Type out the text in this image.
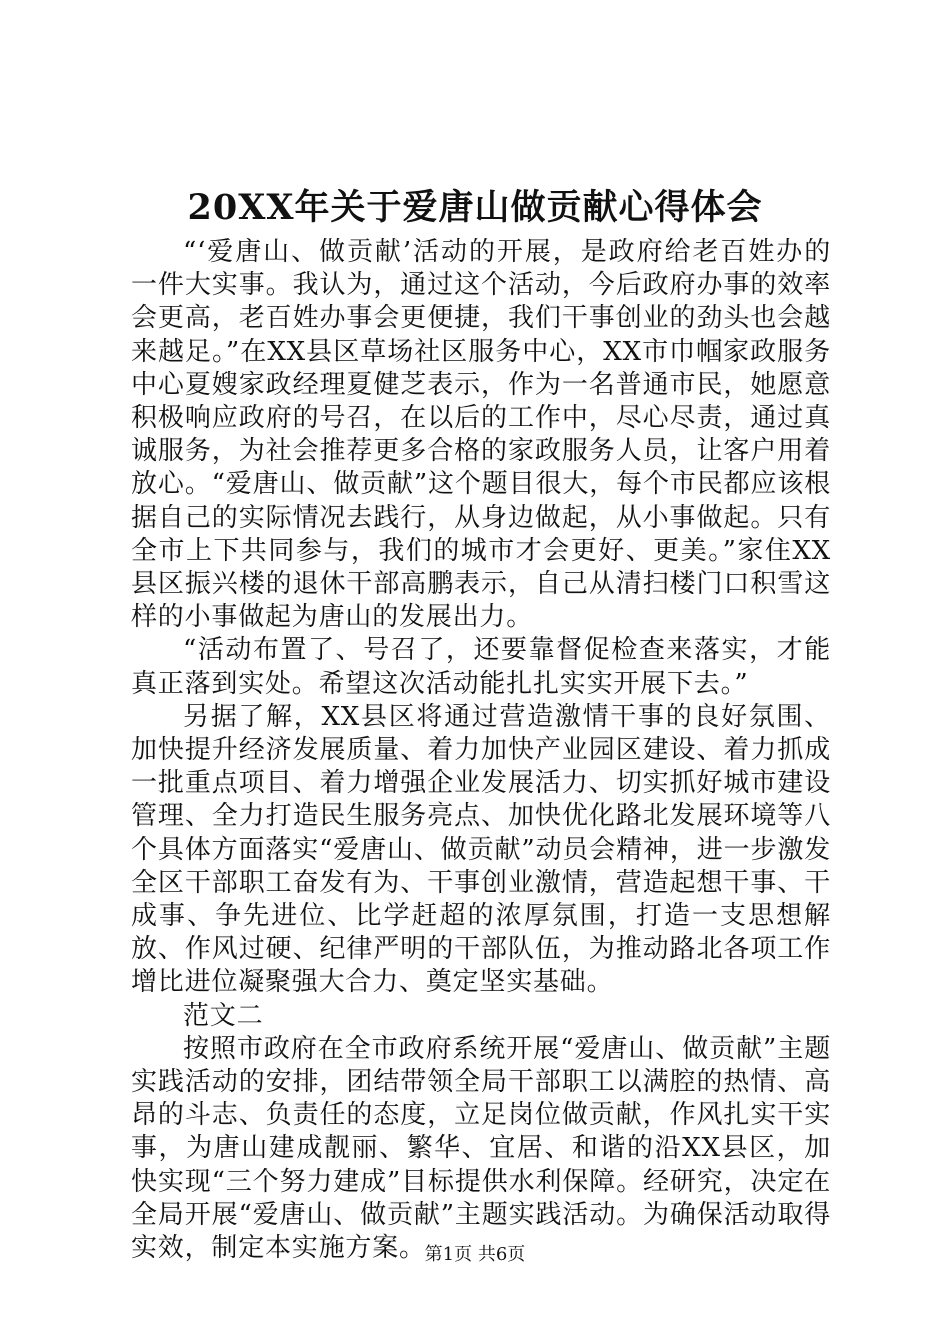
20XX年关于爱唐山做贡献心得体会

“‘爱唐山、做贡献’活动的开展，是政府给老百姓办的一件大实事。我认为，通过这个活动，今后政府办事的效率会更高，老百姓办事会更便捷，我们干事创业的劲头也会越来越足。”在XX县区草场社区服务中心，XX市巾帼家政服务中心夏嫂家政经理夏健芝表示，作为一名普通市民，她愿意积极响应政府的号召，在以后的工作中，尽心尽责，通过真诚服务，为社会推荐更多合格的家政服务人员，让客户用着放心。“爱唐山、做贡献”这个题目很大，每个市民都应该根据自己的实际情况去践行，从身边做起，从小事做起。只有全市上下共同参与，我们的城市才会更好、更美。”家住XX县区振兴楼的退休干部高鹏表示，自己从清扫楼门口积雪这样的小事做起为唐山的发展出力。

“活动布置了、号召了，还要靠督促检查来落实，才能真正落到实处。希望这次活动能扎扎实实开展下去。”

另据了解，XX县区将通过营造激情干事的良好氛围、加快提升经济发展质量、着力加快产业园区建设、着力抓成一批重点项目、着力增强企业发展活力、切实抓好城市建设管理、全力打造民生服务亮点、加快优化路北发展环境等八个具体方面落实“爱唐山、做贡献”动员会精神，进一步激发全区干部职工奋发有为、干事创业激情，营造起想干事、干成事、争先进位、比学赶超的浓厚氛围，打造一支思想解放、作风过硬、纪律严明的干部队伍，为推动路北各项工作增比进位凝聚强大合力、奠定坚实基础。

范文二

按照市政府在全市政府系统开展“爱唐山、做贡献”主题实践活动的安排，团结带领全局干部职工以满腔的热情、高昂的斗志、负责任的态度，立足岗位做贡献，作风扎实干实事，为唐山建成靓丽、繁华、宜居、和谐的沿XX县区，加快实现“三个努力建成”目标提供水利保障。经研究，决定在全局开展“爱唐山、做贡献”主题实践活动。为确保活动取得实效，制定本实施方案。

第1页 共6页
